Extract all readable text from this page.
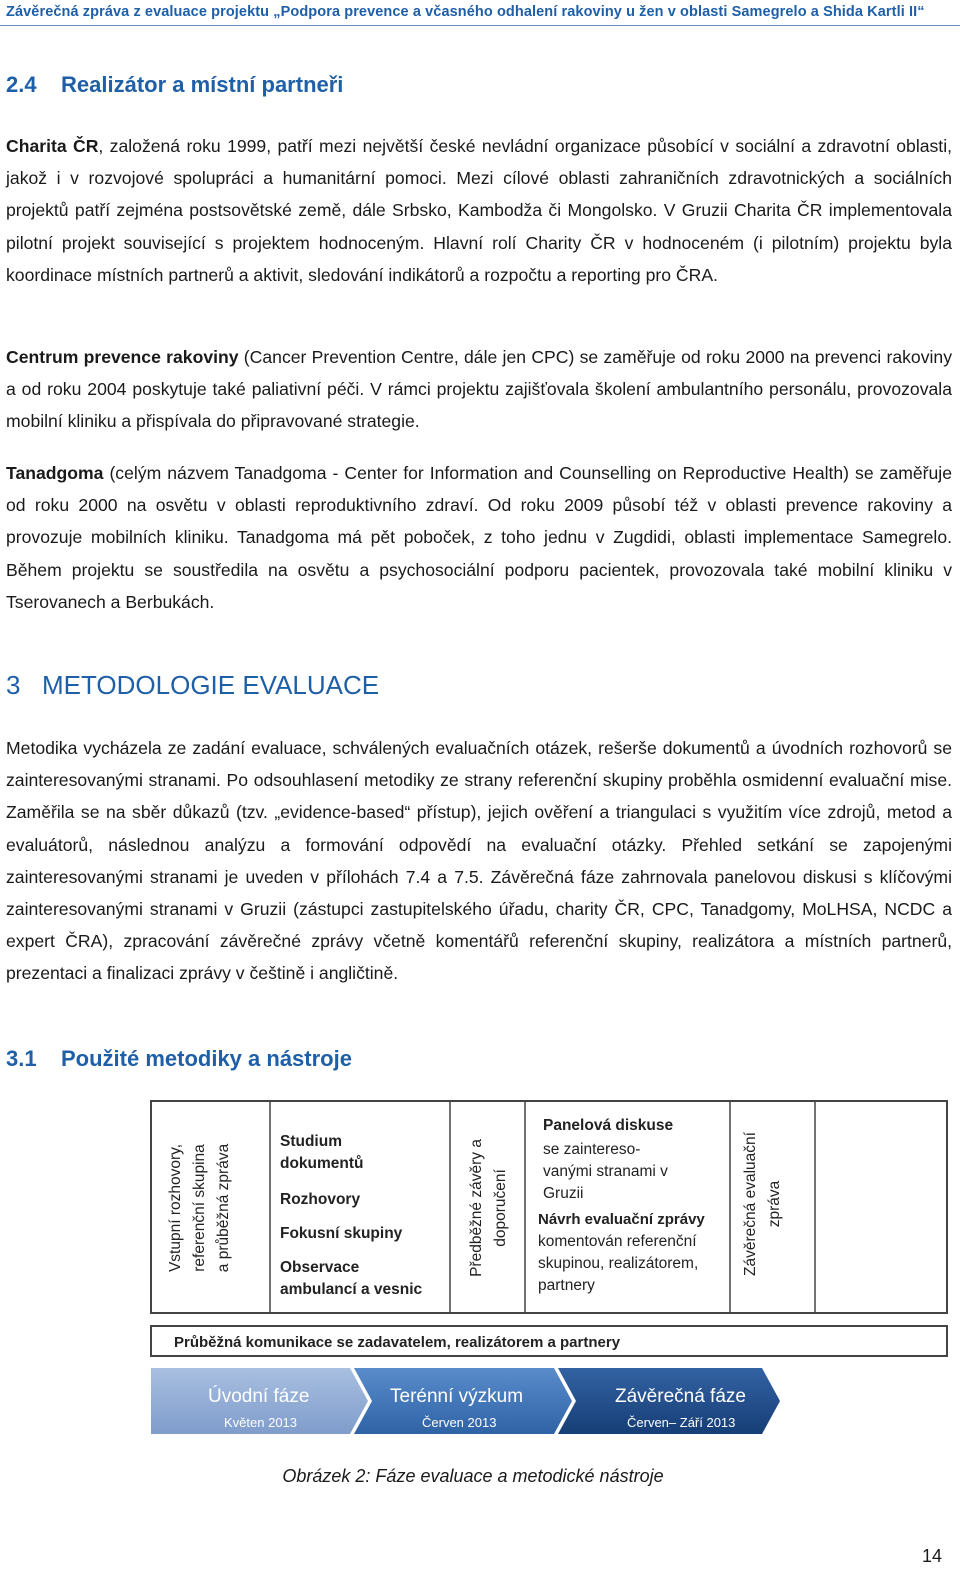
Závěrečná zpráva z evaluace projektu „Podpora prevence a včasného odhalení rakoviny u žen v oblasti Samegrelo a Shida Kartli II“
2.4 Realizátor a místní partneři

Charita ČR, založená roku 1999, patří mezi největší české nevládní organizace působící v sociální a zdravotní oblasti, jakož i v rozvojové spolupráci a humanitární pomoci. Mezi cílové oblasti zahraničních zdravotnických a sociálních projektů patří zejména postsovětské země, dále Srbsko, Kambodža či Mongolsko. V Gruzii Charita ČR implementovala pilotní projekt související s projektem hodnoceným. Hlavní rolí Charity ČR v hodnoceném (i pilotním) projektu byla koordinace místních partnerů a aktivit, sledování indikátorů a rozpočtu a reporting pro ČRA.

Centrum prevence rakoviny (Cancer Prevention Centre, dále jen CPC) se zaměřuje od roku 2000 na prevenci rakoviny a od roku 2004 poskytuje také paliativní péči. V rámci projektu zajišťovala školení ambulantního personálu, provozovala mobilní kliniku a přispívala do připravované strategie.

Tanadgoma (celým názvem Tanadgoma - Center for Information and Counselling on Reproductive Health) se zaměřuje od roku 2000 na osvětu v oblasti reproduktivního zdraví. Od roku 2009 působí též v oblasti prevence rakoviny a provozuje mobilních kliniku. Tanadgoma má pět poboček, z toho jednu v Zugdidi, oblasti implementace Samegrelo. Během projektu se soustředila na osvětu a psychosociální podporu pacientek, provozovala také mobilní kliniku v Tserovanech a Berbukách.

3 METODOLOGIE EVALUACE

Metodika vycházela ze zadání evaluace, schválených evaluačních otázek, rešerše dokumentů a úvodních rozhovorů se zainteresovanými stranami. Po odsouhlasení metodiky ze strany referenční skupiny proběhla osmidenní evaluační mise. Zaměřila se na sběr důkazů (tzv. „evidence-based“ přístup), jejich ověření a triangulaci s využitím více zdrojů, metod a evaluátorů, následnou analýzu a formování odpovědí na evaluační otázky. Přehled setkání se zapojenými zainteresovanými stranami je uveden v přílohách 7.4 a 7.5. Závěrečná fáze zahrnovala panelovou diskusi s klíčovými zainteresovanými stranami v Gruzii (zástupci zastupitelského úřadu, charity ČR, CPC, Tanadgomy, MoLHSA, NCDC a expert ČRA), zpracování závěrečné zprávy včetně komentářů referenční skupiny, realizátora a místních partnerů, prezentaci a finalizaci zprávy v češtině i angličtině.

3.1 Použité metodiky a nástroje
Vstupní rozhovory, referenční skupina a průběžná zpráva
Studium
dokumentů
Rozhovory
Fokusní skupiny
Observace
ambulancí a vesnic
Předběžné závěry a doporučení
Panelová diskuse
se zaintereso-
vanými stranami v
Gruzii
Návrh evaluační zprávy
komentován referenční
skupinou, realizátorem,
partnery
Závěrečná evaluační zpráva
Průběžná komunikace se zadavatelem, realizátorem a partnery
Úvodní fáze
Květen 2013
Terénní výzkum
Červen 2013
Závěrečná fáze
Červen– Září 2013
Obrázek 2: Fáze evaluace a metodické nástroje
14
